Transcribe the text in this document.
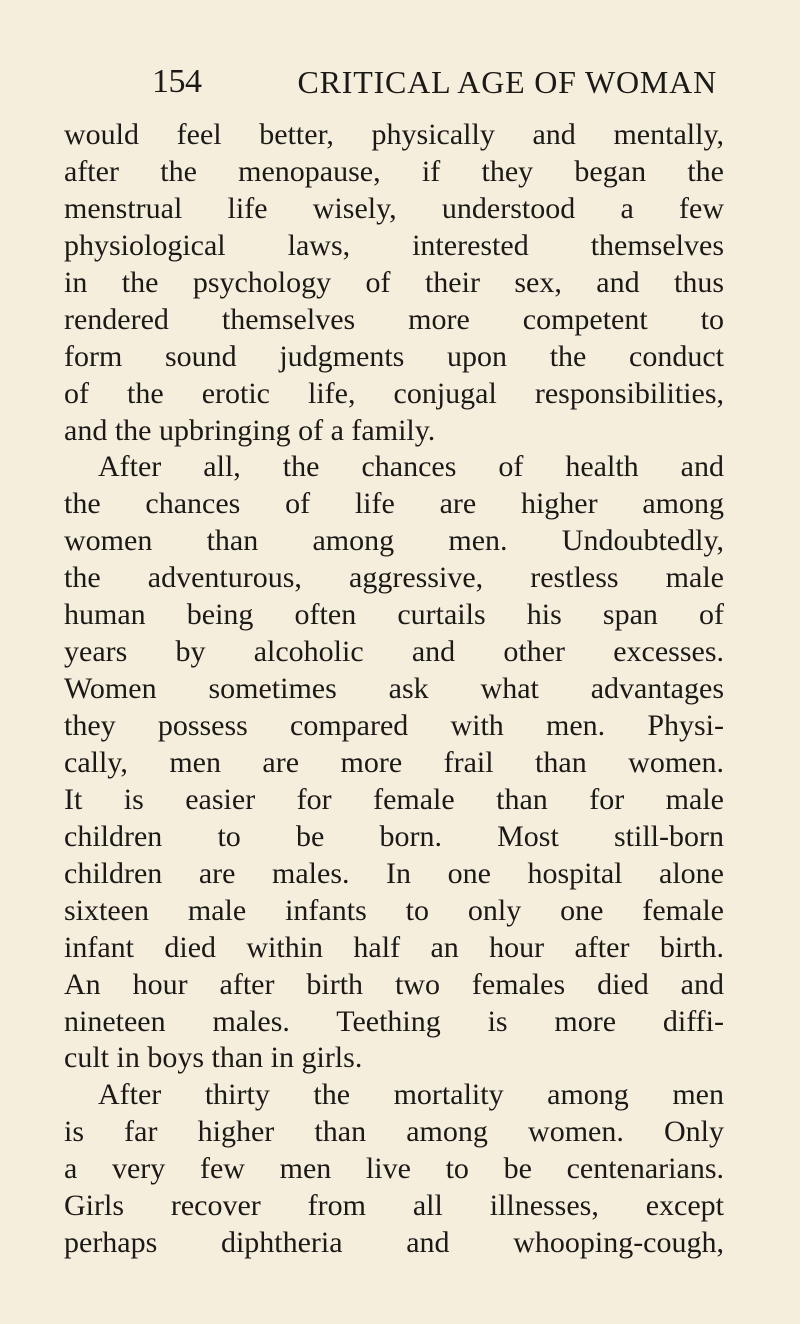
154	CRITICAL AGE OF WOMAN
would feel better, physically and mentally,
after the menopause, if they began the
menstrual life wisely, understood a few
physiological laws, interested themselves
in the psychology of their sex, and thus
rendered themselves more competent to
form sound judgments upon the conduct
of the erotic life, conjugal responsibilities,
and the upbringing of a family.
After all, the chances of health and
the chances of life are higher among
women than among men. Undoubtedly,
the adventurous, aggressive, restless male
human being often curtails his span of
years by alcoholic and other excesses.
Women sometimes ask what advantages
they possess compared with men. Physi-
cally, men are more frail than women.
It is easier for female than for male
children to be born. Most still-born
children are males. In one hospital alone
sixteen male infants to only one female
infant died within half an hour after birth.
An hour after birth two females died and
nineteen males. Teething is more diffi-
cult in boys than in girls.
After thirty the mortality among men
is far higher than among women. Only
a very few men live to be centenarians.
Girls recover from all illnesses, except
perhaps diphtheria and whooping-cough,
